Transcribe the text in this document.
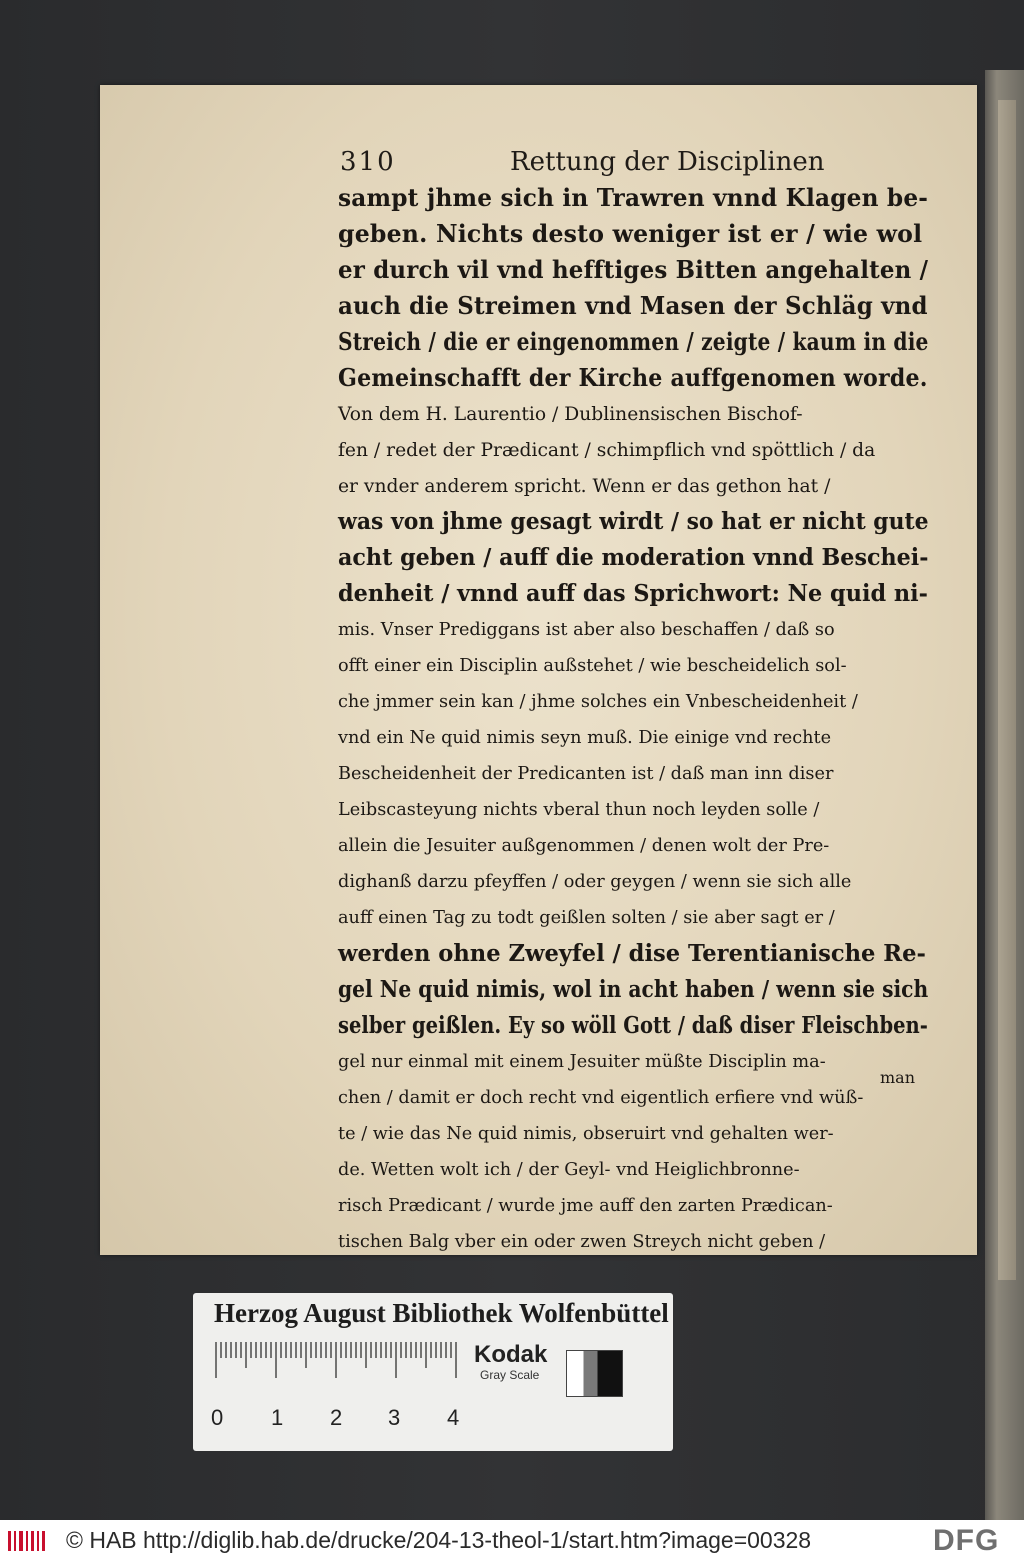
310	Rettung der Disciplinen
sampt jhme sich in Trawren vnnd Klagen be-
geben. Nichts desto weniger ist er / wie wol
er durch vil vnd hefftiges Bitten angehalten /
auch die Streimen vnd Masen der Schläg vnd
Streich / die er eingenommen / zeigte / kaum in die
Gemeinschafft der Kirche auffgenomen worde.
Von dem H. Laurentio / Dublinensischen Bischof-
fen / redet der Prædicant / schimpflich vnd spöttlich / da
er vnder anderem spricht. Wenn er das gethon hat /
was von jhme gesagt wirdt / so hat er nicht gute
acht geben / auff die moderation vnnd Beschei-
denheit / vnnd auff das Sprichwort: Ne quid ni-
mis. Vnser Prediggans ist aber also beschaffen / daß so
offt einer ein Disciplin außstehet / wie bescheidelich sol-
che jmmer sein kan / jhme solches ein Vnbescheidenheit /
vnd ein Ne quid nimis seyn muß. Die einige vnd rechte
Bescheidenheit der Predicanten ist / daß man inn diser
Leibscasteyung nichts vberal thun noch leyden solle /
allein die Jesuiter außgenommen / denen wolt der Pre-
dighanß darzu pfeyffen / oder geygen / wenn sie sich alle
auff einen Tag zu todt geißlen solten / sie aber sagt er /
werden ohne Zweyfel / dise Terentianische Re-
gel Ne quid nimis, wol in acht haben / wenn sie sich
selber geißlen. Ey so wöll Gott / daß diser Fleischben-
gel nur einmal mit einem Jesuiter müßte Disciplin ma-
chen / damit er doch recht vnd eigentlich erfiere vnd wüß-
te / wie das Ne quid nimis, obseruirt vnd gehalten wer-
de. Wetten wolt ich / der Geyl- vnd Heiglichbronne-
risch Prædicant / wurde jme auff den zarten Prædican-
tischen Balg vber ein oder zwen Streych nicht geben /
man
Herzog August Bibliothek Wolfenbüttel
0 1 2 3 4
Kodak
Gray Scale
© HAB http://diglib.hab.de/drucke/204-13-theol-1/start.htm?image=00328	DFG
